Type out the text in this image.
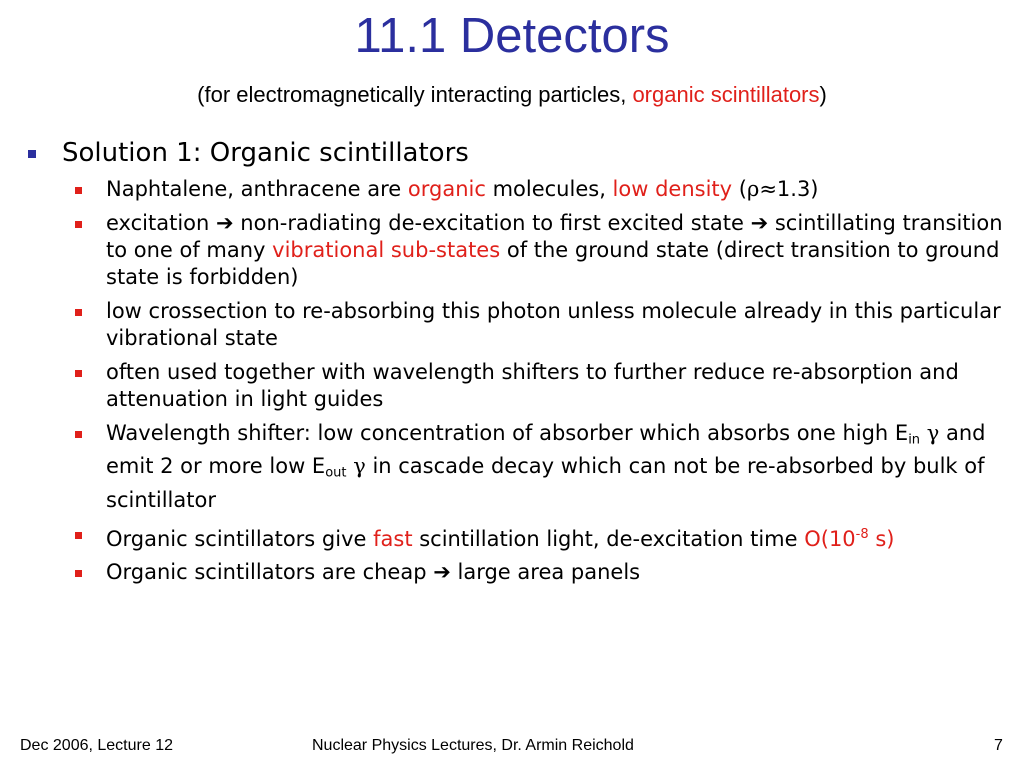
11.1 Detectors
(for electromagnetically interacting particles, organic scintillators)
Solution 1: Organic scintillators
Naphtalene, anthracene are organic molecules, low density (ρ≈1.3)
excitation ➔ non-radiating de-excitation to first excited state ➔ scintillating transition to one of many vibrational sub-states of the ground state (direct transition to ground state is forbidden)
low crossection to re-absorbing this photon unless molecule already in this particular vibrational state
often used together with wavelength shifters to further reduce re-absorption and attenuation in light guides
Wavelength shifter: low concentration of absorber which absorbs one high $E_{in}$ γ and emit 2 or more low $E_{out}$ γ in cascade decay which can not be re-absorbed by bulk of scintillator
Organic scintillators give fast scintillation light, de-excitation time $O(10^{-8}$ s)
Organic scintillators are cheap ➔ large area panels
Dec 2006, Lecture 12	Nuclear Physics Lectures, Dr. Armin Reichold	7
